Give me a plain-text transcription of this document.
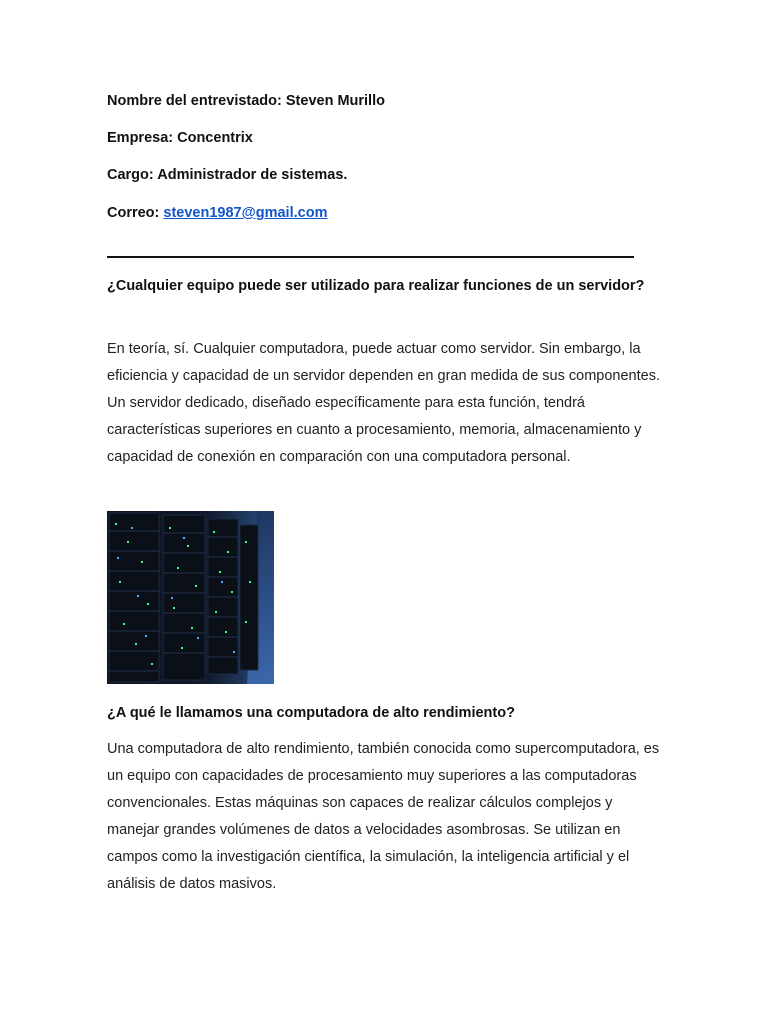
Nombre del entrevistado: Steven Murillo
Empresa: Concentrix
Cargo: Administrador de sistemas.
Correo: steven1987@gmail.com
¿Cualquier equipo puede ser utilizado para realizar funciones de un servidor?
En teoría, sí. Cualquier computadora, puede actuar como servidor. Sin embargo, la eficiencia y capacidad de un servidor dependen en gran medida de sus componentes. Un servidor dedicado, diseñado específicamente para esta función, tendrá características superiores en cuanto a procesamiento, memoria, almacenamiento y capacidad de conexión en comparación con una computadora personal.
¿A qué le llamamos una computadora de alto rendimiento?
Una computadora de alto rendimiento, también conocida como supercomputadora, es un equipo con capacidades de procesamiento muy superiores a las computadoras convencionales. Estas máquinas son capaces de realizar cálculos complejos y manejar grandes volúmenes de datos a velocidades asombrosas. Se utilizan en campos como la investigación científica, la simulación, la inteligencia artificial y el análisis de datos masivos.
